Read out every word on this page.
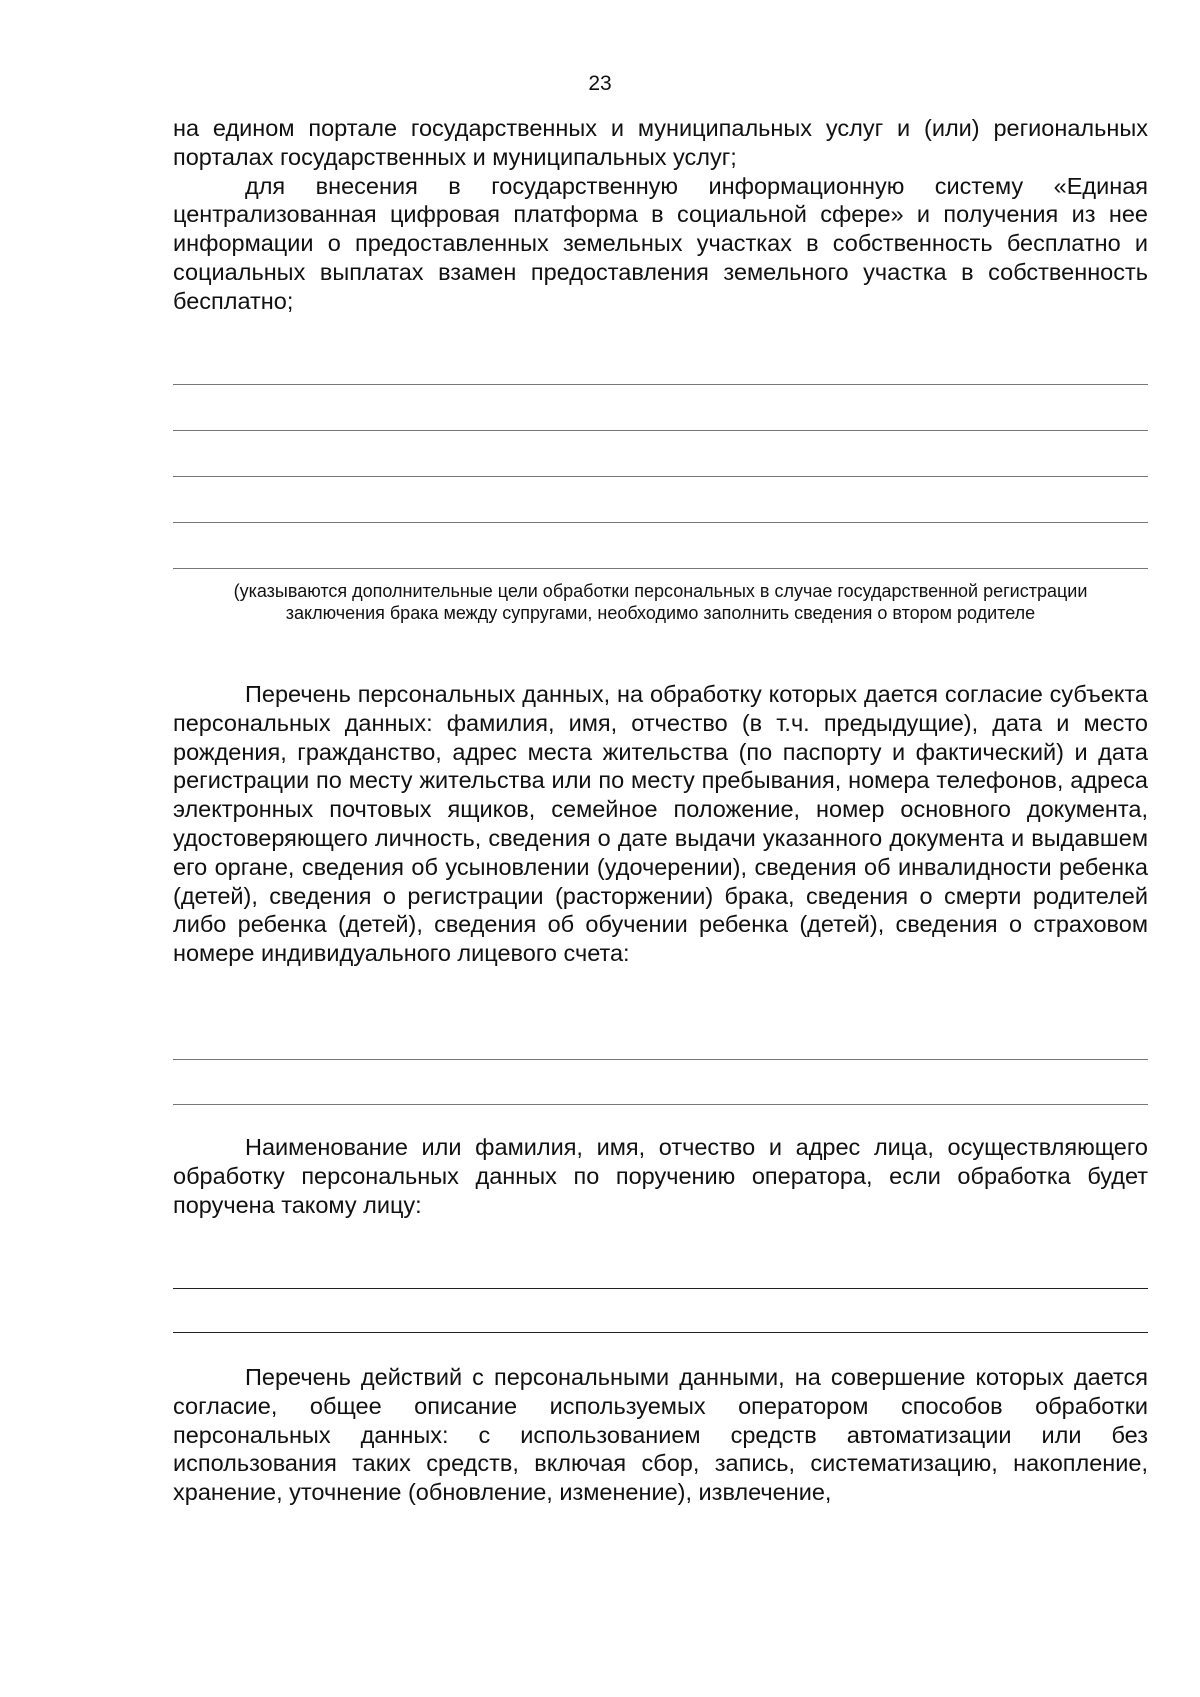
23

на едином портале государственных и муниципальных услуг и (или) региональных порталах государственных и муниципальных услуг;

для внесения в государственную информационную систему «Единая централизованная цифровая платформа в социальной сфере» и получения из нее информации о предоставленных земельных участках в собственность бесплатно и социальных выплатах взамен предоставления земельного участка в собственность бесплатно;

(указываются дополнительные цели обработки персональных в случае государственной регистрации заключения брака между супругами, необходимо заполнить сведения о втором родителе

Перечень персональных данных, на обработку которых дается согласие субъекта персональных данных: фамилия, имя, отчество (в т.ч. предыдущие), дата и место рождения, гражданство, адрес места жительства (по паспорту и фактический) и дата регистрации по месту жительства или по месту пребывания, номера телефонов, адреса электронных почтовых ящиков, семейное положение, номер основного документа, удостоверяющего личность, сведения о дате выдачи указанного документа и выдавшем его органе, сведения об усыновлении (удочерении), сведения об инвалидности ребенка (детей), сведения о регистрации (расторжении) брака, сведения о смерти родителей либо ребенка (детей), сведения об обучении ребенка (детей), сведения о страховом номере индивидуального лицевого счета:

Наименование или фамилия, имя, отчество и адрес лица, осуществляющего обработку персональных данных по поручению оператора, если обработка будет поручена такому лицу:

Перечень действий с персональными данными, на совершение которых дается согласие, общее описание используемых оператором способов обработки персональных данных: с использованием средств автоматизации или без использования таких средств, включая сбор, запись, систематизацию, накопление, хранение, уточнение (обновление, изменение), извлечение,
